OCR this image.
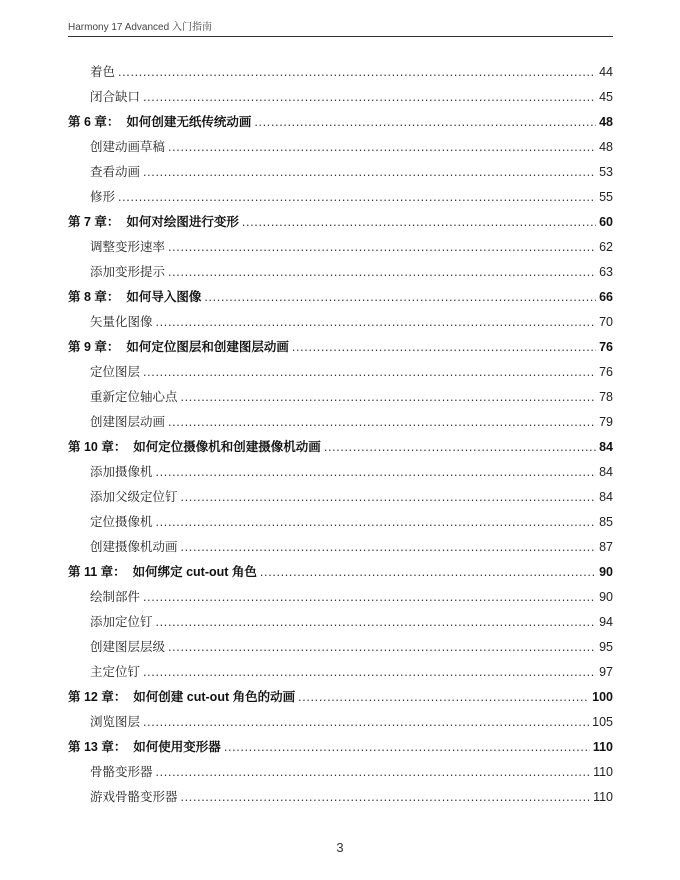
Harmony 17 Advanced 入门指南
着色 . . .	44
闭合缺口 . . .	45
第 6 章： 如何创建无纸传统动画 . . .	48
创建动画草稿 . . .	48
查看动画 . . .	53
修形 . . .	55
第 7 章： 如何对绘图进行变形 . . .	60
调整变形速率 . . .	62
添加变形提示 . . .	63
第 8 章： 如何导入图像 . . .	66
矢量化图像 . . .	70
第 9 章： 如何定位图层和创建图层动画 . . .	76
定位图层 . . .	76
重新定位轴心点 . . .	78
创建图层动画 . . .	79
第 10 章： 如何定位摄像机和创建摄像机动画 . . .	84
添加摄像机 . . .	84
添加父级定位钉 . . .	84
定位摄像机 . . .	85
创建摄像机动画 . . .	87
第 11 章： 如何绑定 cut-out 角色 . . .	90
绘制部件 . . .	90
添加定位钉 . . .	94
创建图层层级 . . .	95
主定位钉 . . .	97
第 12 章： 如何创建 cut-out 角色的动画 . . .	100
浏览图层 . . .	105
第 13 章： 如何使用变形器 . . .	110
骨骼变形器 . . .	110
游戏骨骼变形器 . . .	110
3
